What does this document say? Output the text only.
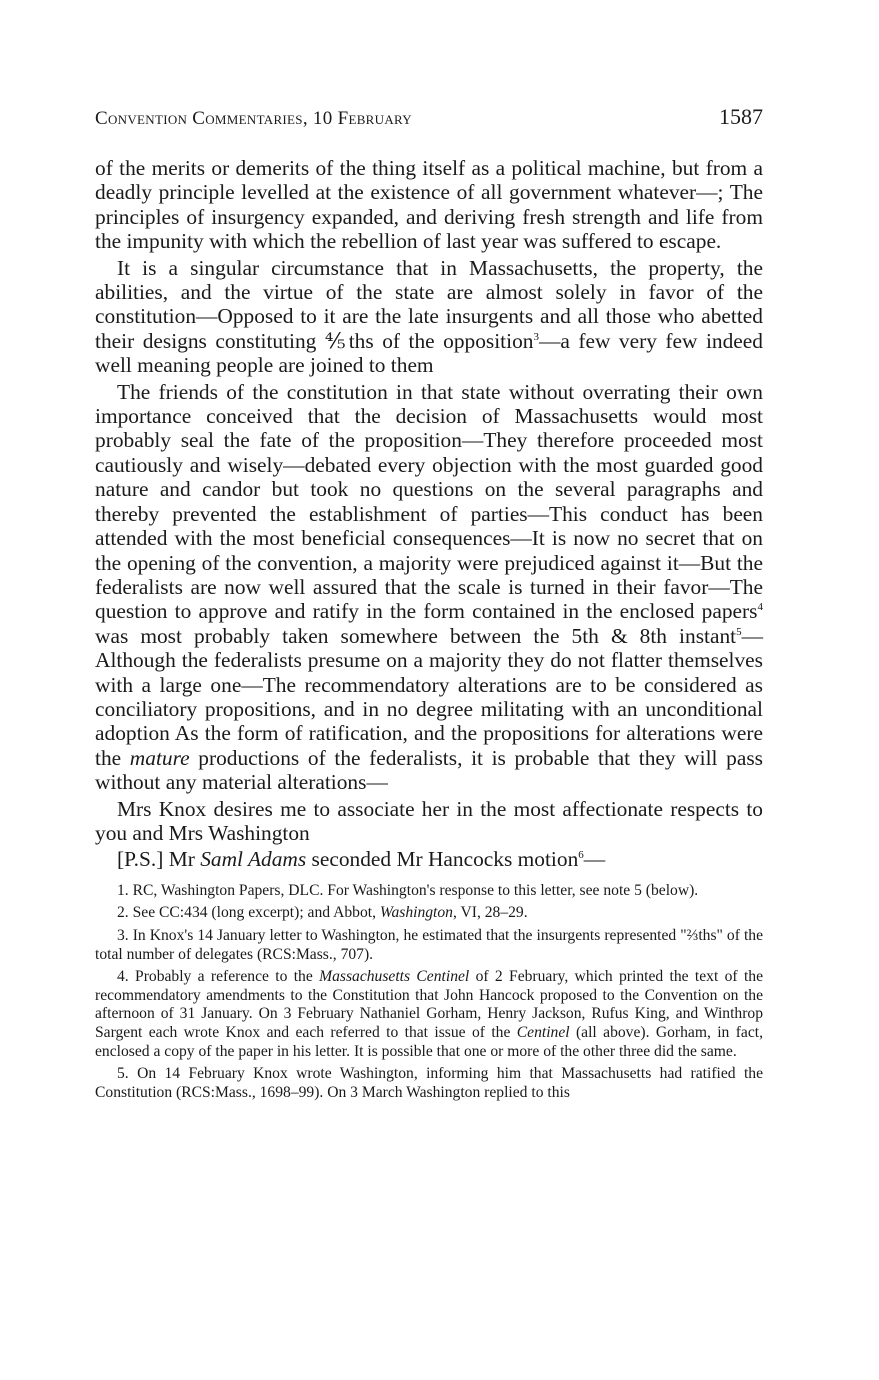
Convention Commentaries, 10 February	1587

of the merits or demerits of the thing itself as a political machine, but from a deadly principle levelled at the existence of all government whatever—; The principles of insurgency expanded, and deriving fresh strength and life from the impunity with which the rebellion of last year was suffered to escape.

It is a singular circumstance that in Massachusetts, the property, the abilities, and the virtue of the state are almost solely in favor of the constitution—Opposed to it are the late insurgents and all those who abetted their designs constituting ⅘ths of the opposition$^3$—a few very few indeed well meaning people are joined to them

The friends of the constitution in that state without overrating their own importance conceived that the decision of Massachusetts would most probably seal the fate of the proposition—They therefore proceeded most cautiously and wisely—debated every objection with the most guarded good nature and candor but took no questions on the several paragraphs and thereby prevented the establishment of parties—This conduct has been attended with the most beneficial consequences—It is now no secret that on the opening of the convention, a majority were prejudiced against it—But the federalists are now well assured that the scale is turned in their favor—The question to approve and ratify in the form contained in the enclosed papers$^4$ was most probably taken somewhere between the 5th & 8th instant$^5$—Although the federalists presume on a majority they do not flatter themselves with a large one—The recommendatory alterations are to be considered as conciliatory propositions, and in no degree militating with an unconditional adoption As the form of ratification, and the propositions for alterations were the mature productions of the federalists, it is probable that they will pass without any material alterations—

Mrs Knox desires me to associate her in the most affectionate respects to you and Mrs Washington

[P.S.] Mr Saml Adams seconded Mr Hancocks motion$^6$—

1. RC, Washington Papers, DLC. For Washington's response to this letter, see note 5 (below).

2. See CC:434 (long excerpt); and Abbot, Washington, VI, 28–29.

3. In Knox's 14 January letter to Washington, he estimated that the insurgents represented "⅔ths" of the total number of delegates (RCS:Mass., 707).

4. Probably a reference to the Massachusetts Centinel of 2 February, which printed the text of the recommendatory amendments to the Constitution that John Hancock proposed to the Convention on the afternoon of 31 January. On 3 February Nathaniel Gorham, Henry Jackson, Rufus King, and Winthrop Sargent each wrote Knox and each referred to that issue of the Centinel (all above). Gorham, in fact, enclosed a copy of the paper in his letter. It is possible that one or more of the other three did the same.

5. On 14 February Knox wrote Washington, informing him that Massachusetts had ratified the Constitution (RCS:Mass., 1698–99). On 3 March Washington replied to this
